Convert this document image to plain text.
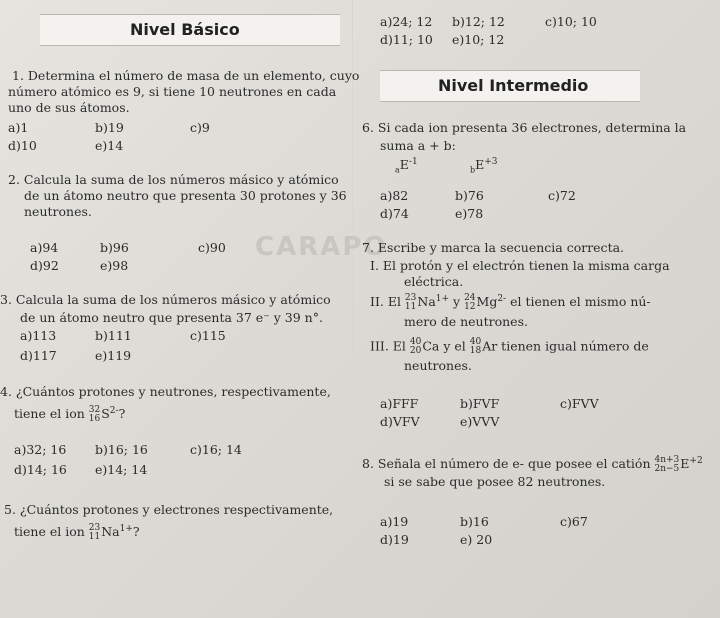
CARAPO
Nivel Básico
1. Determina el número de masa de un elemento, cuyo
número atómico es 9, si tiene 10 neutrones en cada
uno de sus átomos.
a)1	b)19	c)9
d)10	e)14
2. Calcula la suma de los números másico y atómico
de un átomo neutro que presenta 30 protones y 36
neutrones.
a)94	b)96	c)90
d)92	e)98
3. Calcula la suma de los números másico y atómico
de un átomo neutro que presenta 37 e⁻ y 39 n°.
a)113	b)111	c)115
d)117	e)119
4. ¿Cuántos protones y neutrones, respectivamente,
tiene el ion 32
16 $S^{2-}$?
a)32; 16 b)16; 16	c)16; 14
d)14; 16 e)14; 14
5. ¿Cuántos protones y electrones respectivamente,
tiene el ion 23
11 $Na^{1+}$?
a)24; 12 b)12; 12	c)10; 10
d)11; 10 e)10; 12
Nivel Intermedio
6. Si cada ion presenta 36 electrones, determina la
suma a + b:
$_aE^{-1}$
$_bE^{+3}$
a)82	b)76	c)72
d)74	e)78
7. Escribe y marca la secuencia correcta.
I. El protón y el electrón tienen la misma carga
eléctrica.
II. El 23
11 $Na^{1+}$ y 24
12 $Mg^{2-}$ el tienen el mismo nú-
mero de neutrones.
III. El 40
20 Ca y el 40
18 Ar tienen igual número de
neutrones.
a)FFF	b)FVF	c)FVV
d)VFV	e)VVV
8. Señala el número de e- que posee el catión 4n+3
2n−5 $E^{+2}$
si se sabe que posee 82 neutrones.
a)19	b)16	c)67
d)19	e) 20
